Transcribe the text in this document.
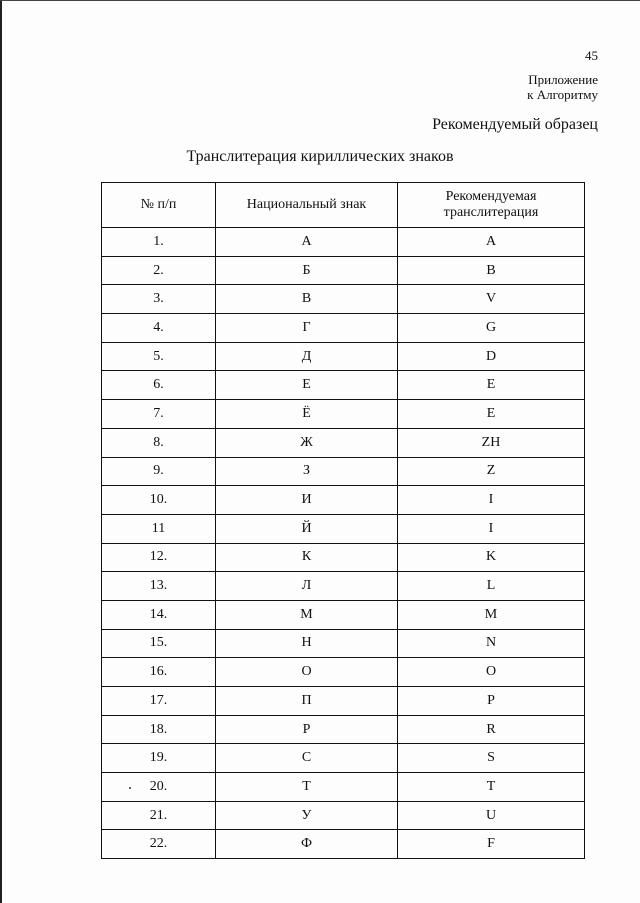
45
Приложение
к Алгоритму
Рекомендуемый образец
Транслитерация кириллических знаков
№ п/п	Национальный знак	Рекомендуемая транслитерация
1.	А	A
2.	Б	B
3.	В	V
4.	Г	G
5.	Д	D
6.	Е	E
7.	Ё	E
8.	Ж	ZH
9.	З	Z
10.	И	I
11	Й	I
12.	К	K
13.	Л	L
14.	М	M
15.	Н	N
16.	О	O
17.	П	P
18.	Р	R
19.	С	S
20.	Т	T
21.	У	U
22.	Ф	F
